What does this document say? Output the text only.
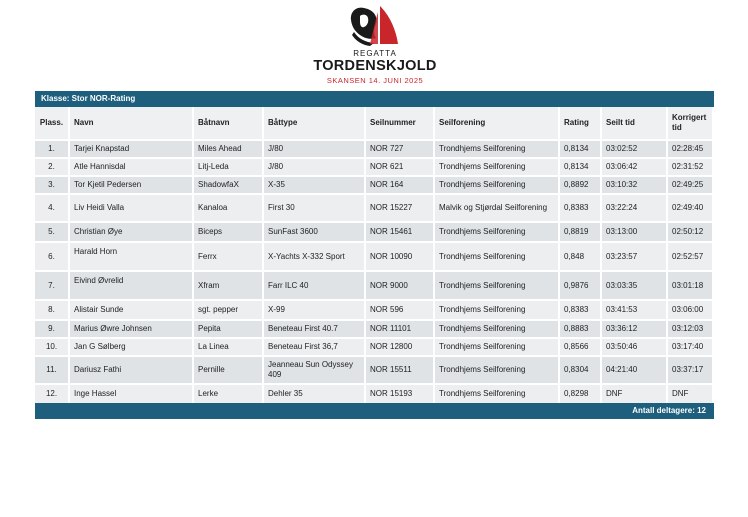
REGATTA
TORDENSKJOLD
SKANSEN 14. JUNI 2025
Klasse: Stor NOR-Rating
Plass.	Navn	Båtnavn	Båttype	Seilnummer	Seilforening	Rating	Seilt tid	Korrigert tid
1.	Tarjei Knapstad	Miles Ahead	J/80	NOR 727	Trondhjems Seilforening	0,8134	03:02:52	02:28:45
2.	Atle Hannisdal	Litj-Leda	J/80	NOR 621	Trondhjems Seilforening	0,8134	03:06:42	02:31:52
3.	Tor Kjetil Pedersen	ShadowfaX	X-35	NOR 164	Trondhjems Seilforening	0,8892	03:10:32	02:49:25
4.	Liv Heidi Valla	Kanaloa	First 30	NOR 15227	Malvik og Stjørdal Seilforening	0,8383	03:22:24	02:49:40
5.	Christian Øye	Biceps	SunFast 3600	NOR 15461	Trondhjems Seilforening	0,8819	03:13:00	02:50:12
6.	Harald Horn	Ferrx	X-Yachts X-332 Sport	NOR 10090	Trondhjems Seilforening	0,848	03:23:57	02:52:57
7.	Eivind Øvrelid	Xfram	Farr ILC 40	NOR 9000	Trondhjems Seilforening	0,9876	03:03:35	03:01:18
8.	Alistair Sunde	sgt. pepper	X-99	NOR 596	Trondhjems Seilforening	0,8383	03:41:53	03:06:00
9.	Marius Øwre Johnsen	Pepita	Beneteau First 40.7	NOR 11101	Trondhjems Seilforening	0,8883	03:36:12	03:12:03
10.	Jan G Sølberg	La Linea	Beneteau First 36,7	NOR 12800	Trondhjems Seilforening	0,8566	03:50:46	03:17:40
11.	Dariusz Fathi	Pernille	Jeanneau Sun Odyssey 409	NOR 15511	Trondhjems Seilforening	0,8304	04:21:40	03:37:17
12.	Inge Hassel	Lerke	Dehler 35	NOR 15193	Trondhjems Seilforening	0,8298	DNF	DNF
Antall deltagere: 12
